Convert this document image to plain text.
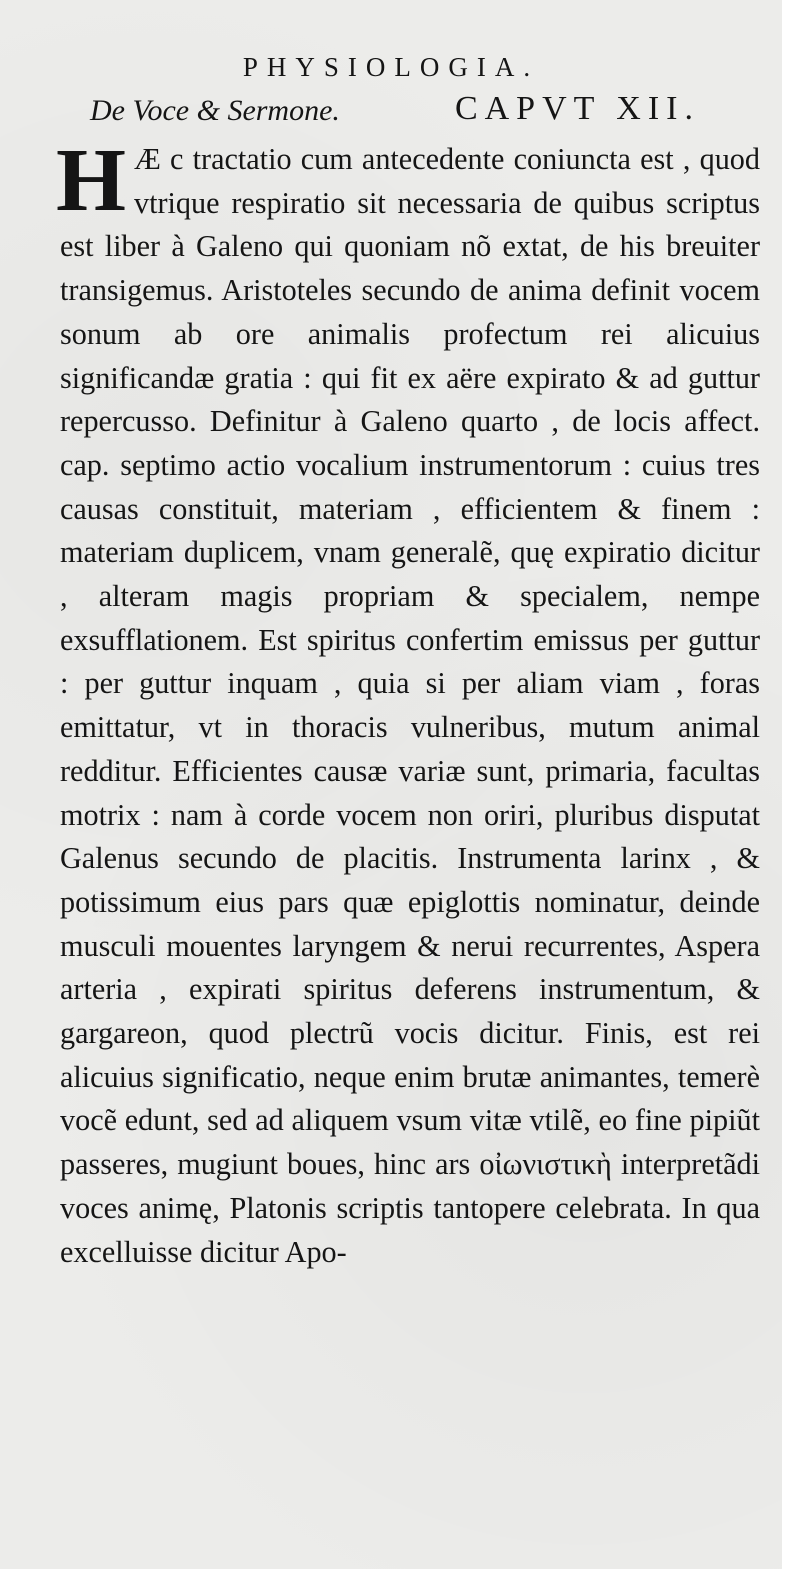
PHYSIOLOGIA.
De Voce & Sermone.	CAPVT XII.

H Æ c tractatio cum antecedente coniuncta est , quod vtrique respiratio sit necessaria de quibus scriptus est liber à Galeno qui quoniam nõ extat, de his breuiter transigemus. Aristoteles secundo de anima definit vocem sonum ab ore animalis profectum rei alicuius significandæ gratia : qui fit ex aëre expirato & ad guttur repercusso. Definitur à Galeno quarto , de locis affect. cap. septimo actio vocalium instrumentorum : cuius tres causas constituit, materiam , efficientem & finem : materiam duplicem, vnam generalẽ, quę expiratio dicitur , alteram magis propriam & specialem, nempe exsufflationem. Est spiritus confertim emissus per guttur : per guttur inquam , quia si per aliam viam , foras emittatur, vt in thoracis vulneribus, mutum animal redditur. Efficientes causæ variæ sunt, primaria, facultas motrix : nam à corde vocem non oriri, pluribus disputat Galenus secundo de placitis. Instrumenta larinx , & potissimum eius pars quæ epiglottis nominatur, deinde musculi mouentes laryngem & nerui recurrentes, Aspera arteria , expirati spiritus deferens instrumentum, & gargareon, quod plectrũ vocis dicitur. Finis, est rei alicuius significatio, neque enim brutæ animantes, temerè vocẽ edunt, sed ad aliquem vsum vitæ vtilẽ, eo fine pipiũt passeres, mugiunt boues, hinc ars οἰωνιστικὴ interpretãdi voces animę, Platonis scriptis tantopere celebrata. In qua excelluisse dicitur Apo-
